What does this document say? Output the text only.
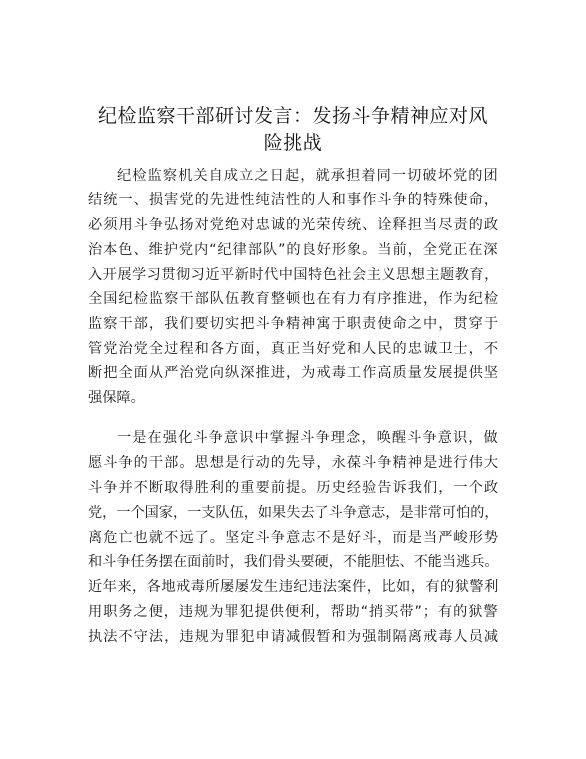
纪检监察干部研讨发言：发扬斗争精神应对风
险挑战

纪检监察机关自成立之日起，就承担着同一切破坏党的团

结统一、损害党的先进性纯洁性的人和事作斗争的特殊使命，

必须用斗争弘扬对党绝对忠诚的光荣传统、诠释担当尽责的政

治本色、维护党内“纪律部队”的良好形象。当前，全党正在深

入开展学习贯彻习近平新时代中国特色社会主义思想主题教育，

全国纪检监察干部队伍教育整顿也在有力有序推进，作为纪检

监察干部，我们要切实把斗争精神寓于职责使命之中，贯穿于

管党治党全过程和各方面，真正当好党和人民的忠诚卫士，不

断把全面从严治党向纵深推进，为戒毒工作高质量发展提供坚

强保障。

一是在强化斗争意识中掌握斗争理念，唤醒斗争意识，做

愿斗争的干部。思想是行动的先导，永葆斗争精神是进行伟大

斗争并不断取得胜利的重要前提。历史经验告诉我们，一个政

党，一个国家，一支队伍，如果失去了斗争意志，是非常可怕的，

离危亡也就不远了。坚定斗争意志不是好斗，而是当严峻形势

和斗争任务摆在面前时，我们骨头要硬，不能胆怯、不能当逃兵。

近年来，各地戒毒所屡屡发生违纪违法案件，比如，有的狱警利

用职务之便，违规为罪犯提供便利，帮助“捎买带”；有的狱警

执法不守法，违规为罪犯申请减假暂和为强制隔离戒毒人员减
